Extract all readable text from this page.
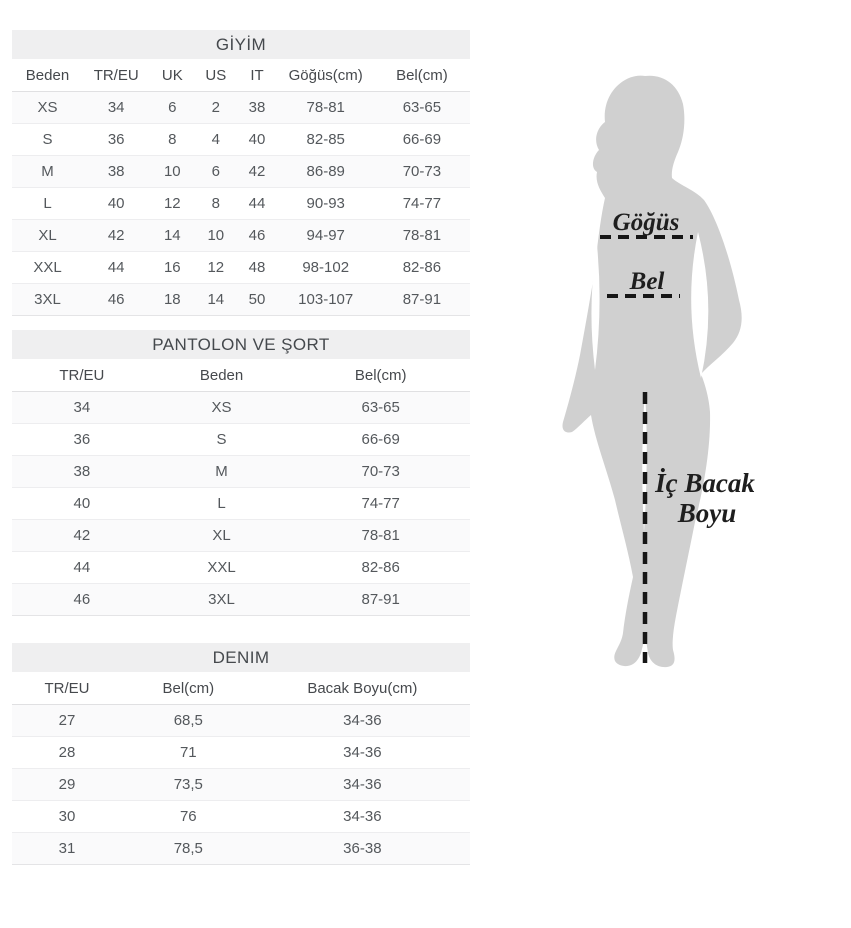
GİYİM
Beden	TR/EU	UK	US	IT	Göğüs(cm)	Bel(cm)
XS	34	6	2	38	78-81	63-65
S	36	8	4	40	82-85	66-69
M	38	10	6	42	86-89	70-73
L	40	12	8	44	90-93	74-77
XL	42	14	10	46	94-97	78-81
XXL	44	16	12	48	98-102	82-86
3XL	46	18	14	50	103-107	87-91
PANTOLON VE ŞORT
TR/EU	Beden	Bel(cm)
34	XS	63-65
36	S	66-69
38	M	70-73
40	L	74-77
42	XL	78-81
44	XXL	82-86
46	3XL	87-91
DENIM
TR/EU	Bel(cm)	Bacak Boyu(cm)
27	68,5	34-36
28	71	34-36
29	73,5	34-36
30	76	34-36
31	78,5	36-38
Göğüs
Bel
İç Bacak
Boyu
